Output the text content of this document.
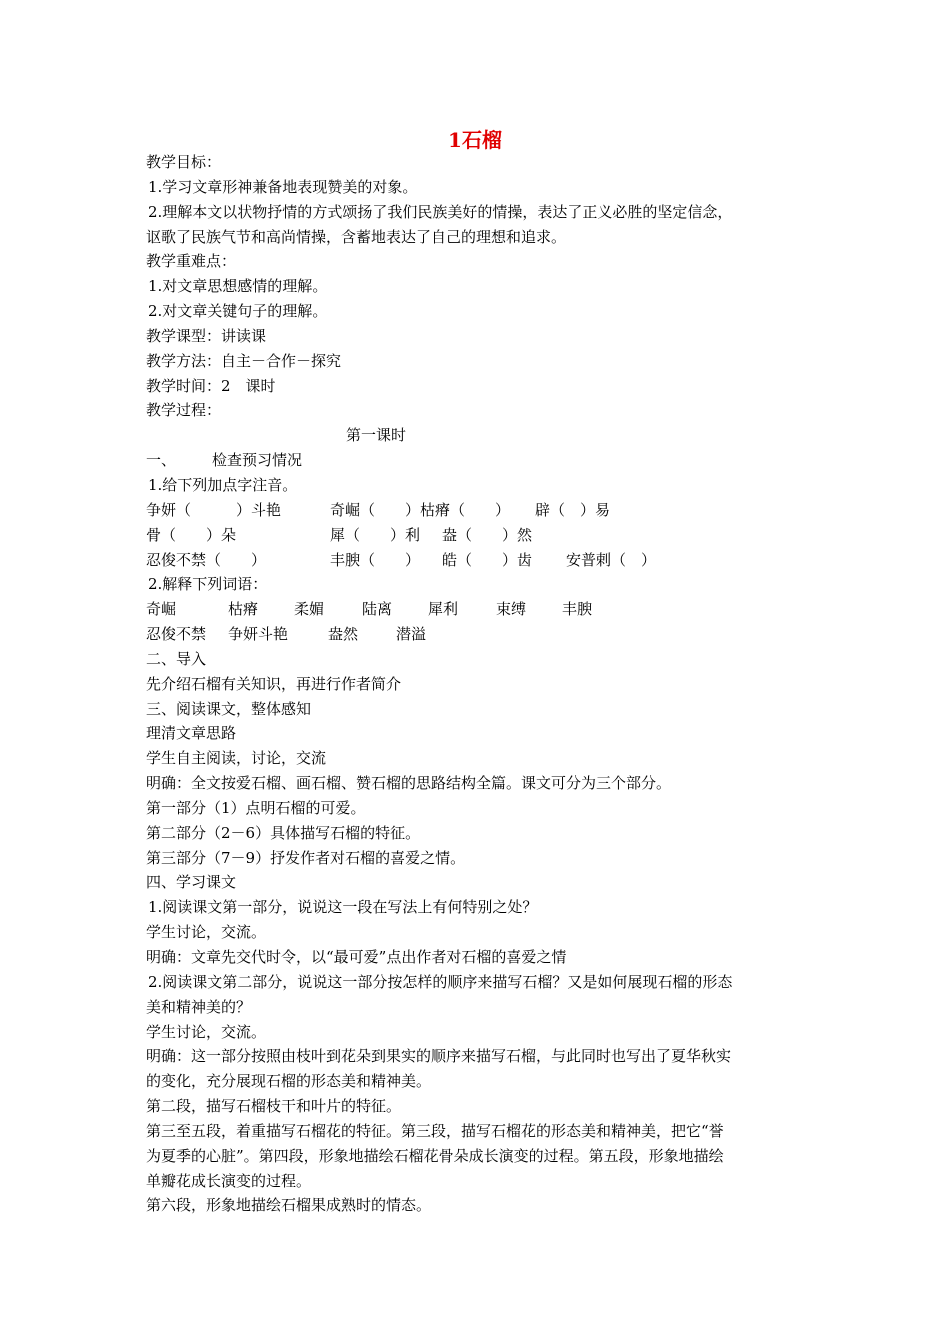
1石榴
教学目标：
1.学习文章形神兼备地表现赞美的对象。
2.理解本文以状物抒情的方式颂扬了我们民族美好的情操，表达了正义必胜的坚定信念，
讴歌了民族气节和高尚情操，含蓄地表达了自己的理想和追求。
教学重难点：
1.对文章思想感情的理解。
2.对文章关键句子的理解。
教学课型：讲读课
教学方法：自主－合作－探究
教学时间：2　课时
教学过程：
第一课时
一、	检查预习情况
1.给下列加点字注音。
争妍（　　　）斗艳	奇崛（　　） 枯瘠（　　）	辟（　）易
骨（　　）朵	犀（　　）利	盎（　　）然
忍俊不禁（　　）	丰腴（　　）	皓（　　）齿	安普剌（　）
2.解释下列词语：
奇崛	枯瘠	柔媚	陆离	犀利	束缚	丰腴
忍俊不禁	争妍斗艳	盎然	潜溢
二、导入
先介绍石榴有关知识，再进行作者简介
三、阅读课文，整体感知
理清文章思路
学生自主阅读，讨论，交流
明确：全文按爱石榴、画石榴、赞石榴的思路结构全篇。课文可分为三个部分。
第一部分（1）点明石榴的可爱。
第二部分（2－6）具体描写石榴的特征。
第三部分（7－9）抒发作者对石榴的喜爱之情。
四、学习课文
1.阅读课文第一部分，说说这一段在写法上有何特别之处？
学生讨论，交流。
明确：文章先交代时令，以“最可爱”点出作者对石榴的喜爱之情
2.阅读课文第二部分，说说这一部分按怎样的顺序来描写石榴？又是如何展现石榴的形态
美和精神美的？
学生讨论，交流。
明确：这一部分按照由枝叶到花朵到果实的顺序来描写石榴，与此同时也写出了夏华秋实
的变化，充分展现石榴的形态美和精神美。
第二段，描写石榴枝干和叶片的特征。
第三至五段，着重描写石榴花的特征。第三段，描写石榴花的形态美和精神美，把它“誉
为夏季的心脏”。第四段，形象地描绘石榴花骨朵成长演变的过程。第五段，形象地描绘
单瓣花成长演变的过程。
第六段，形象地描绘石榴果成熟时的情态。
